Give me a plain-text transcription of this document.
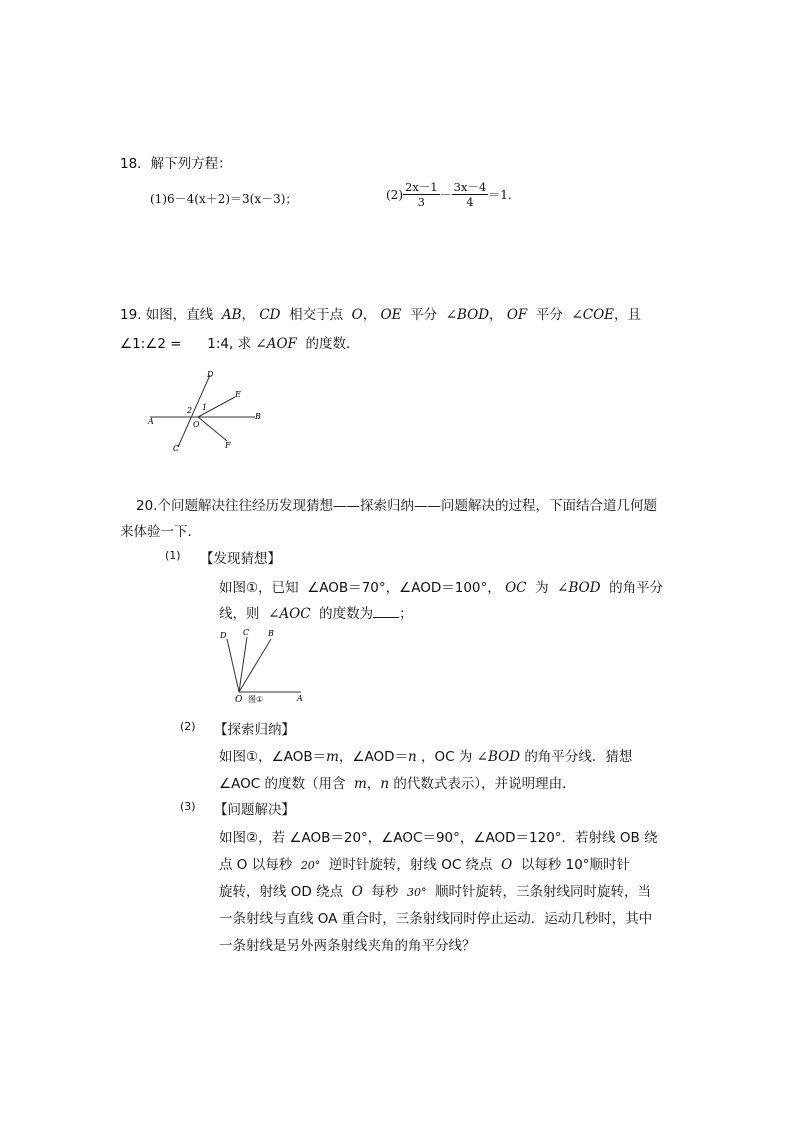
18．解下列方程：
(1)6－4(x＋2)＝3(x－3)；	$(2) \frac{2x-1}{3} - \frac{3x-4}{4} =1$.
19. 如图，直线 AB， CD 相交于点 O， OE 平分 ∠BOD， OF 平分 ∠COE，且
∠1:∠2 = 1:4, 求 ∠AOF 的度数．
D
E
B
A	O
C	F
1
2
20.个问题解决往往经历发现猜想——探索归纳——问题解决的过程，下面结合道几何题
来体验一下．
(1) 【发现猜想】
如图①，已知 ∠AOB＝70°，∠AOD＝100°， OC 为 ∠BOD 的角平分
线，则 ∠AOC 的度数为 ；
D C B
O	A
图①
(2) 【探索归纳】
如图①，∠AOB＝m，∠AOD＝n ，OC 为 ∠BOD 的角平分线．猜想
∠AOC 的度数（用含 m，n 的代数式表示），并说明理由．
(3) 【问题解决】
如图②，若 ∠AOB＝20°，∠AOC＝90°，∠AOD＝120°．若射线 OB 绕
点 O 以每秒 20° 逆时针旋转，射线 OC 绕点 O 以每秒 10°顺时针
旋转，射线 OD 绕点 O 每秒 30° 顺时针旋转，三条射线同时旋转，当
一条射线与直线 OA 重合时，三条射线同时停止运动．运动几秒时，其中
一条射线是另外两条射线夹角的角平分线？
